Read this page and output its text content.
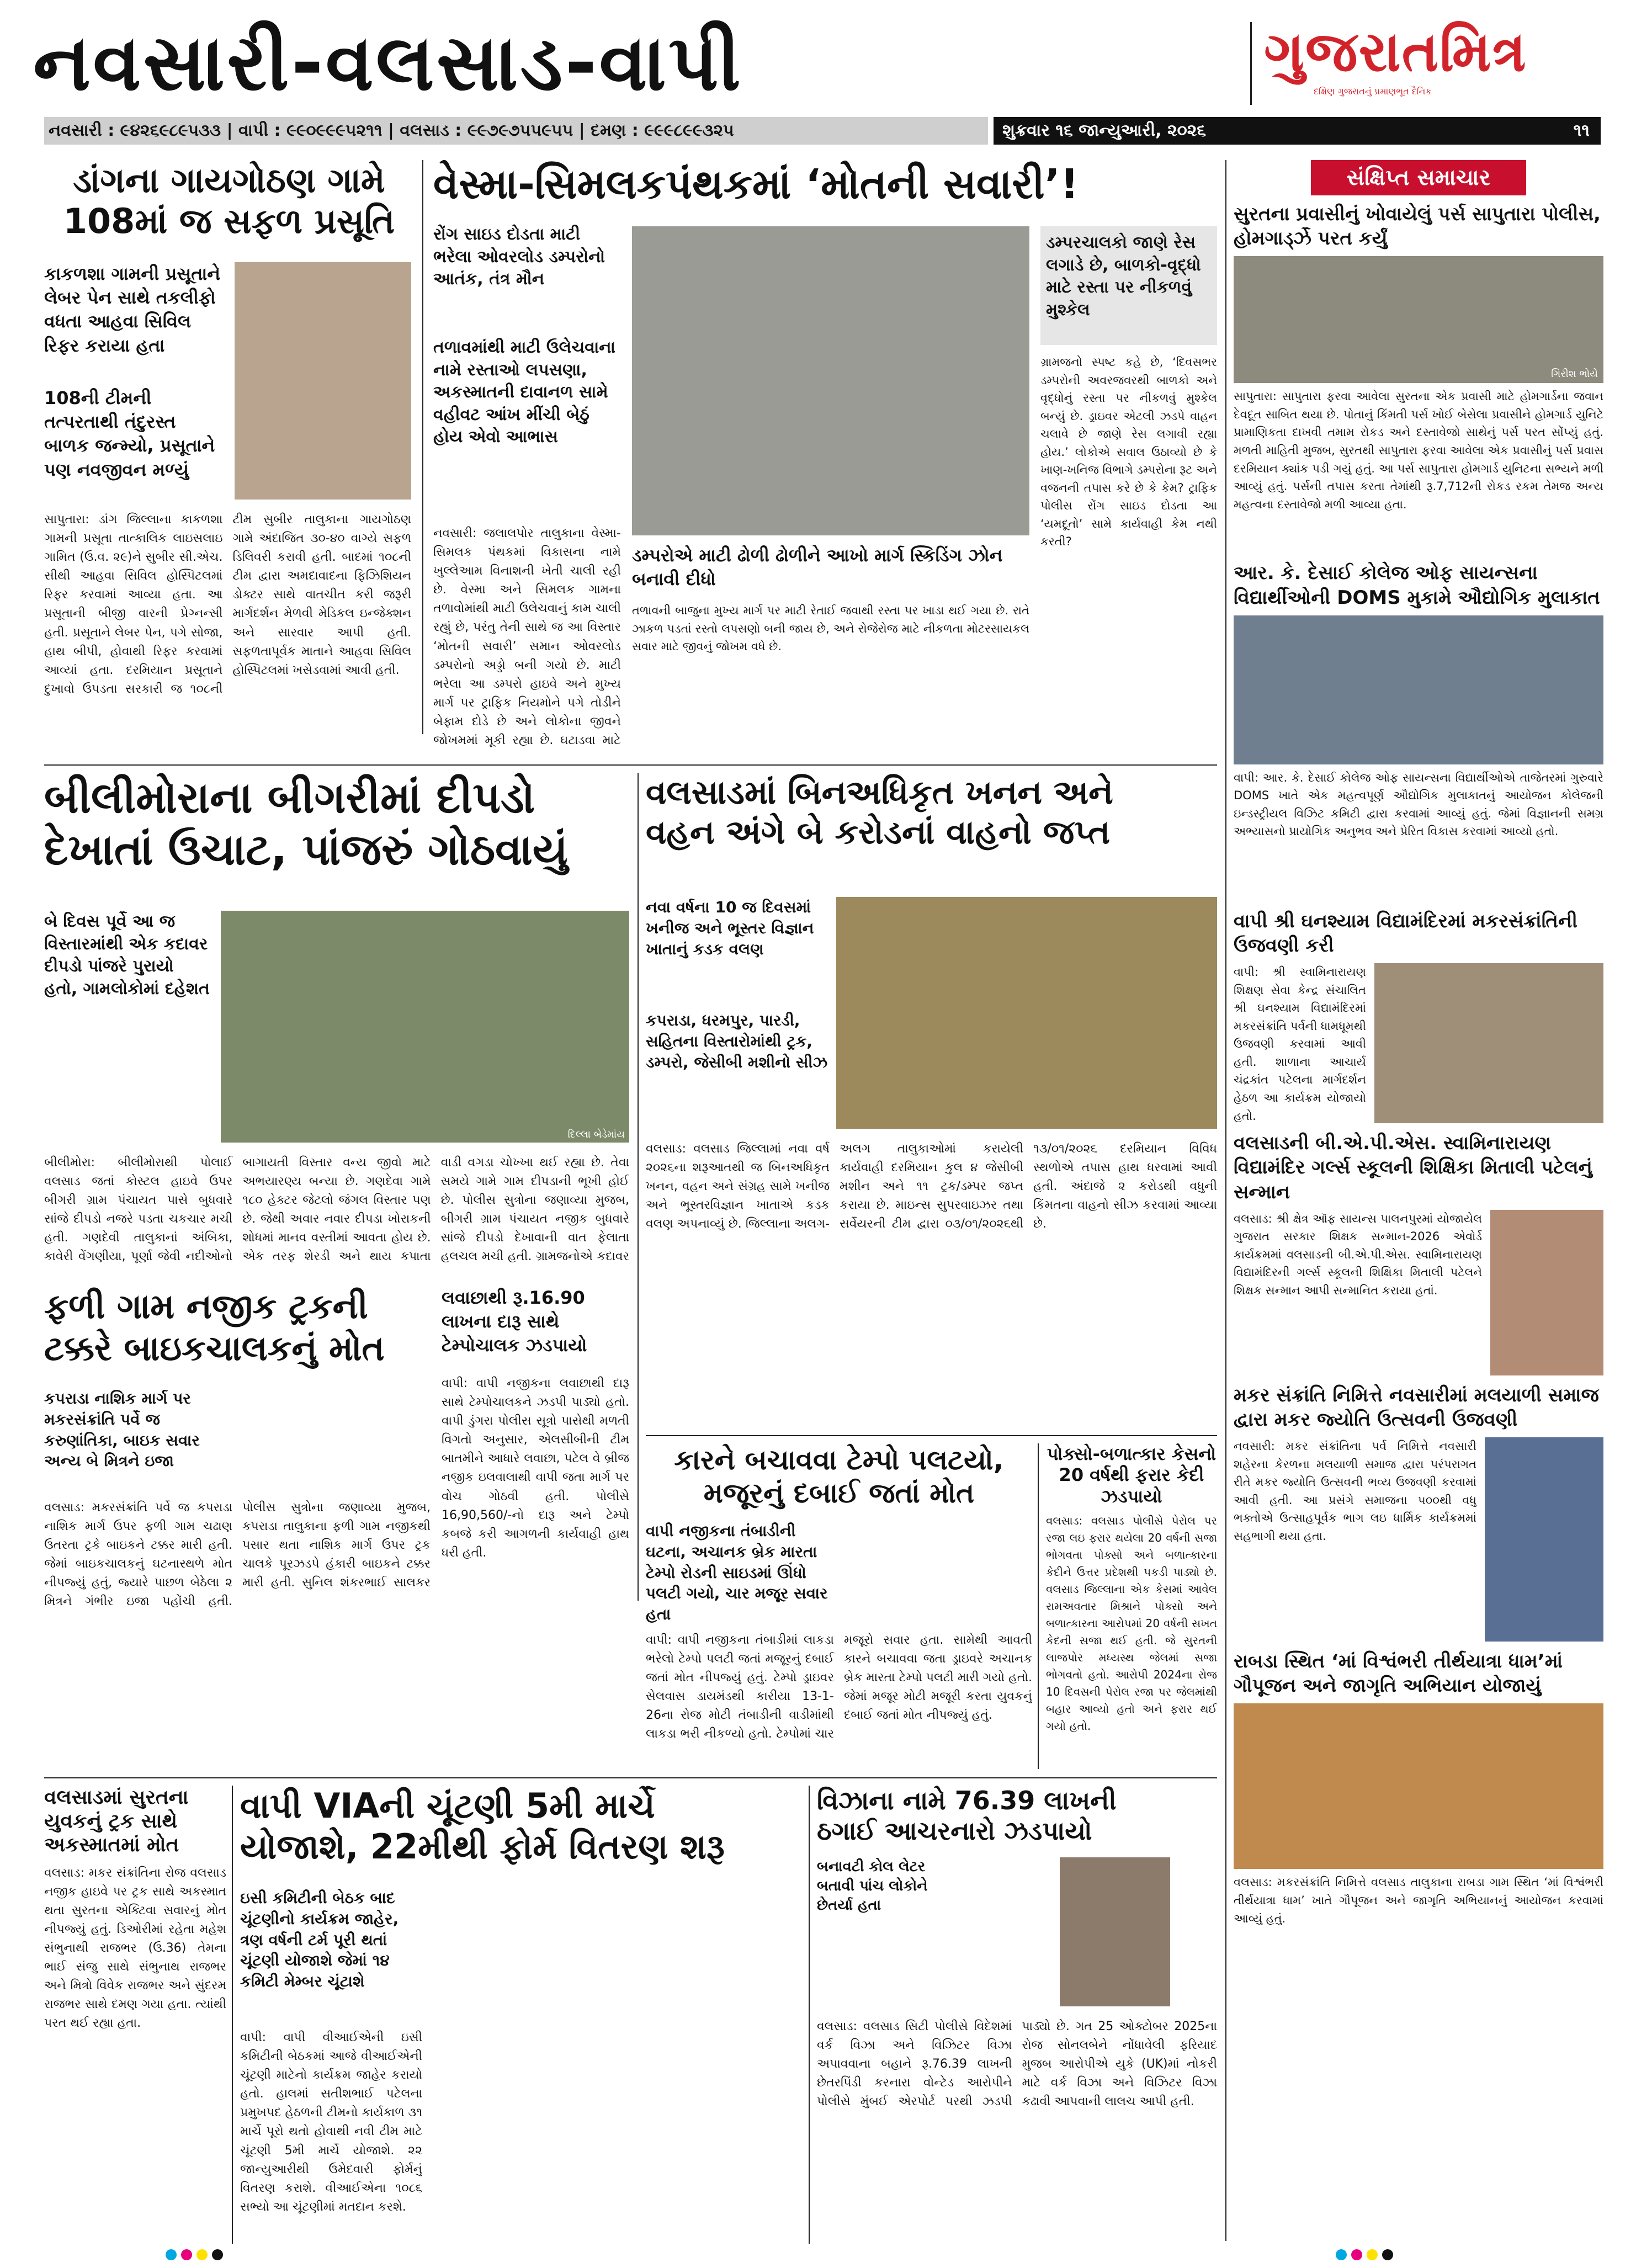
નવસારી-વલસાડ-વાપી	ગુજરાતમિત્ર
દક્ષિણ ગુજરાતનું પ્રમાણભૂત દૈનિક
નવસારી : ૯૪૨૬૯૮૯૫૩૩ | વાપી : ૯૯૦૯૯૯૫૨૧૧ | વલસાડ : ૯૯૭૯૭૫૫૯૫૫ | દમણ : ૯૯૯૮૯૯૩૨૫	શુક્રવાર ૧૬ જાન્યુઆરી, ૨૦૨૬	૧૧
ડાંગના ગાયગોઠણ ગામે
108માં જ સફળ પ્રસૂતિ
કાકળશા ગામની પ્રસૂતાને લેબર પેન સાથે તકલીફો વધતા આહવા સિવિલ રિફર કરાયા હતા
108ની ટીમની તત્પરતાથી તંદુરસ્ત બાળક જન્મ્યો, પ્રસૂતાને પણ નવજીવન મળ્યું
સાપુતારા: ડાંગ જિલ્લાના કાકળશા ગામની પ્રસૂતા તાત્કાલિક લાઇસલાઇ ગામિત (ઉ.વ. ૨૯)ને સુબીર સી.એચ. સીથી આહવા સિવિલ હોસ્પિટલમાં રિફર કરવામાં આવ્યા હતા. આ પ્રસૂતાની બીજી વારની પ્રેગ્નન્સી હતી. પ્રસૂતાને લેબર પેન, પગે સોજા, હાથ બીપી, હોવાથી રિફર કરવામાં આવ્યાં હતા. દરમિયાન પ્રસૂતાને દુખાવો ઉપડતા સરકારી જ ૧૦૮ની ટીમ સુબીર તાલુકાના ગાયગોઠણ ગામે અંદાજિત ૩૦-૪૦ વાગ્યે સફળ ડિલિવરી કરાવી હતી. બાદમાં ૧૦૮ની ટીમ દ્વારા અમદાવાદના ફિઝિશિયન ડોક્ટર સાથે વાતચીત કરી જરૂરી માર્ગદર્શન મેળવી મેડિકલ ઇન્જેક્શન અને સારવાર આપી હતી. સફળતાપૂર્વક માતાને આહવા સિવિલ હોસ્પિટલમાં ખસેડવામાં આવી હતી.
વેસ્મા-સિમલકપંથકમાં ‘મોતની સવારી’!
રોંગ સાઇડ દોડતા માટી ભરેલા ઓવરલોડ ડમ્પરોનો આતંક, તંત્ર મૌન
તળાવમાંથી માટી ઉલેચવાના નામે રસ્તાઓ લપસણા, અકસ્માતની દાવાનળ સામે વહીવટ આંખ મીંચી બેઠું હોય એવો આભાસ
ડમ્પરચાલકો જાણે રેસ લગાડે છે, બાળકો-વૃદ્ધો માટે રસ્તા પર નીકળવું મુશ્કેલ
ગ્રામજનો સ્પષ્ટ કહે છે, ‘દિવસભર ડમ્પરોની અવરજવરથી બાળકો અને વૃદ્ધોનું રસ્તા પર નીકળવું મુશ્કેલ બન્યું છે. ડ્રાઇવર એટલી ઝડપે વાહન ચલાવે છે જાણે રેસ લગાવી રહ્યા હોય.’ લોકોએ સવાલ ઉઠાવ્યો છે કે ખાણ-ખનિજ વિભાગે ડમ્પરોના રૂટ અને વજનની તપાસ કરે છે કે કેમ? ટ્રાફિક પોલીસ રોંગ સાઇડ દોડતા આ ‘યમદૂતો’ સામે કાર્યવાહી કેમ નથી કરતી?
ડમ્પરોએ માટી ઢોળી ઢોળીને આખો માર્ગ સ્કિડિંગ ઝોન બનાવી દીધો
તળાવની બાજુના મુખ્ય માર્ગ પર માટી રેતાઈ જવાથી રસ્તા પર ખાડા થઈ ગયા છે. રાતે ઝાકળ પડતાં રસ્તો લપસણો બની જાય છે, અને રોજેરોજ માટે નીકળતા મોટરસાયકલ સવાર માટે જીવનું જોખમ વધે છે.
નવસારી: જલાલપોર તાલુકાના વેસ્મા-સિમલક પંથકમાં વિકાસના નામે ખુલ્લેઆમ વિનાશની ખેતી ચાલી રહી છે. વેસ્મા અને સિમલક ગામના તળાવોમાંથી માટી ઉલેચવાનું કામ ચાલી રહ્યું છે, પરંતુ તેની સાથે જ આ વિસ્તાર ‘મોતની સવારી’ સમાન ઓવરલોડ ડમ્પરોનો અડ્ડો બની ગયો છે. માટી ભરેલા આ ડમ્પરો હાઇવે અને મુખ્ય માર્ગ પર ટ્રાફિક નિયમોને પગે તોડીને બેફામ દોડે છે અને લોકોના જીવને જોખમમાં મૂકી રહ્યા છે. ઘટાડવા માટે
સંક્ષિપ્ત સમાચાર
સુરતના પ્રવાસીનું ખોવાયેલું પર્સ સાપુતારા પોલીસ, હોમગાર્ડ્ઝે પરત કર્યું
ગિરીશ ભોયે
સાપુતારા: સાપુતારા ફરવા આવેલા સુરતના એક પ્રવાસી માટે હોમગાર્ડના જવાન દેવદૂત સાબિત થયા છે. પોતાનું કિંમતી પર્સ ખોઈ બેસેલા પ્રવાસીને હોમગાર્ડ યુનિટે પ્રામાણિકતા દાખવી તમામ રોકડ અને દસ્તાવેજો સાથેનું પર્સ પરત સોંપ્યું હતું. મળતી માહિતી મુજબ, સુરતથી સાપુતારા ફરવા આવેલા એક પ્રવાસીનું પર્સ પ્રવાસ દરમિયાન ક્યાંક પડી ગયું હતું. આ પર્સ સાપુતારા હોમગાર્ડ યુનિટના સભ્યને મળી આવ્યું હતું. પર્સની તપાસ કરતા તેમાંથી રૂ.7,712ની રોકડ રકમ તેમજ અન્ય મહત્વના દસ્તાવેજો મળી આવ્યા હતા.
આર. કે. દેસાઈ કોલેજ ઓફ સાયન્સના વિદ્યાર્થીઓની DOMS મુકામે ઔદ્યોગિક મુલાકાત
વાપી: આર. કે. દેસાઈ કોલેજ ઓફ સાયન્સના વિદ્યાર્થીઓએ તાજેતરમાં ગુરુવારે DOMS ખાતે એક મહત્વપૂર્ણ ઔદ્યોગિક મુલાકાતનું આયોજન કોલેજની ઇન્ડસ્ટ્રીયલ વિઝિટ કમિટી દ્વારા કરવામાં આવ્યું હતું. જેમાં વિજ્ઞાનની સમગ્ર અભ્યાસનો પ્રાયોગિક અનુભવ અને પ્રેરિત વિકાસ કરવામાં આવ્યો હતો.
વાપી શ્રી ઘનશ્યામ વિદ્યામંદિરમાં મકરસંક્રાંતિની ઉજવણી કરી
વાપી: શ્રી સ્વામિનારાયણ શિક્ષણ સેવા કેન્દ્ર સંચાલિત શ્રી ઘનશ્યામ વિદ્યામંદિરમાં મકરસંક્રાંતિ પર્વની ધામધૂમથી ઉજવણી કરવામાં આવી હતી. શાળાના આચાર્ય ચંદ્રકાંત પટેલના માર્ગદર્શન હેઠળ આ કાર્યક્રમ યોજાયો હતો.
વલસાડની બી.એ.પી.એસ. સ્વામિનારાયણ વિદ્યામંદિર ગર્લ્સ સ્કૂલની શિક્ષિકા મિતાલી પટેલનું સન્માન
વલસાડ: શ્રી ક્ષેત્ર ઑફ સાયન્સ પાલનપુરમાં યોજાયેલ ગુજરાત સરકાર શિક્ષક સન્માન-2026 એવોર્ડ કાર્યક્રમમાં વલસાડની બી.એ.પી.એસ. સ્વામિનારાયણ વિદ્યામંદિરની ગર્લ્સ સ્કૂલની શિક્ષિકા મિતાલી પટેલને શિક્ષક સન્માન આપી સન્માનિત કરાયા હતાં.
મકર સંક્રાંતિ નિમિત્તે નવસારીમાં મલયાળી સમાજ દ્વારા મકર જ્યોતિ ઉત્સવની ઉજવણી
નવસારી: મકર સંક્રાંતિના પર્વ નિમિત્તે નવસારી શહેરના કેરળના મલયાળી સમાજ દ્વારા પરંપરાગત રીતે મકર જ્યોતિ ઉત્સવની ભવ્ય ઉજવણી કરવામાં આવી હતી. આ પ્રસંગે સમાજના ૫૦૦થી વધુ ભક્તોએ ઉત્સાહપૂર્વક ભાગ લઇ ધાર્મિક કાર્યક્રમમાં સહભાગી થયા હતા.
રાબડા સ્થિત ‘માં વિશ્વંભરી તીર્થયાત્રા ધામ’માં ગૌપૂજન અને જાગૃતિ અભિયાન યોજાયું
વલસાડ: મકરસંક્રાંતિ નિમિત્તે વલસાડ તાલુકાના રાબડા ગામ સ્થિત ‘માં વિશ્વંભરી તીર્થયાત્રા ધામ’ ખાતે ગૌપૂજન અને જાગૃતિ અભિયાનનું આયોજન કરવામાં આવ્યું હતું.
બીલીમોરાના બીગરીમાં દીપડો
દેખાતાં ઉચાટ, પાંજરું ગોઠવાયું
બે દિવસ પૂર્વે આ જ વિસ્તારમાંથી એક કદાવર દીપડો પાંજરે પુરાયો હતો, ગામલોકોમાં દહેશત
દિલ્લા બેડેમાંય
બીલીમોરા: બીલીમોરાથી પોલાઈ વલસાડ જતાં કોસ્ટલ હાઇવે ઉપર બીગરી ગ્રામ પંચાયત પાસે બુધવારે સાંજે દીપડો નજરે પડતા ચકચાર મચી હતી. ગણદેવી તાલુકાનાં અંબિકા, કાવેરી વેંગણીયા, પૂર્ણા જેવી નદીઓનો બાગાયતી વિસ્તાર વન્ય જીવો માટે અભયારણ્ય બન્યા છે. ગણદેવા ગામે ૧૮૦ હેક્ટર જેટલો જંગલ વિસ્તાર પણ છે. જેથી અવાર નવાર દીપડા ખોરાકની શોધમાં માનવ વસ્તીમાં આવતા હોય છે. એક તરફ શેરડી અને થાય કપાતા વાડી વગડા ચોખ્ખા થઈ રહ્યા છે. તેવા સમયે ગામે ગામ દીપડાની ભૂખી હોઈ છે. પોલીસ સુત્રોના જણાવ્યા મુજબ, બીગરી ગ્રામ પંચાયત નજીક બુધવારે સાંજે દીપડો દેખાવાની વાત ફેલાતા હલચલ મચી હતી. ગ્રામજનોએ કદાવર
વલસાડમાં બિનઅધિકૃત ખનન અને
વહન અંગે બે કરોડનાં વાહનો જપ્ત
નવા વર્ષના 10 જ દિવસમાં ખનીજ અને ભૂસ્તર વિજ્ઞાન ખાતાનું કડક વલણ
કપરાડા, ધરમપુર, પારડી, સહિતના વિસ્તારોમાંથી ટ્રક, ડમ્પરો, જેસીબી મશીનો સીઝ
વલસાડ: વલસાડ જિલ્લામાં નવા વર્ષ ૨૦૨૬ના શરૂઆતથી જ બિનઅધિકૃત ખનન, વહન અને સંગ્રહ સામે ખનીજ અને ભૂસ્તરવિજ્ઞાન ખાતાએ કડક વલણ અપનાવ્યું છે. જિલ્લાના અલગ-અલગ તાલુકાઓમાં કરાયેલી કાર્યવાહી દરમિયાન કુલ ૪ જેસીબી મશીન અને ૧૧ ટ્રક/ડમ્પર જપ્ત કરાયા છે. માઇન્સ સુપરવાઇઝર તથા સર્વેયરની ટીમ દ્વારા ૦૩/૦૧/૨૦૨૬થી ૧૩/૦૧/૨૦૨૬ દરમિયાન વિવિધ સ્થળોએ તપાસ હાથ ધરવામાં આવી હતી. અંદાજે ૨ કરોડથી વધુની કિંમતના વાહનો સીઝ કરવામાં આવ્યા છે.
ફળી ગામ નજીક ટ્રકની
ટક્કરે બાઇકચાલકનું મોત
કપરાડા નાશિક માર્ગ પર મકરસંક્રાંતિ પર્વે જ કરુણાંતિકા, બાઇક સવાર અન્ય બે મિત્રને ઇજા
વલસાડ: મકરસંક્રાંતિ પર્વે જ કપરાડા નાશિક માર્ગ ઉપર ફળી ગામ ચઢાણ ઉતરતા ટ્રકે બાઇકને ટક્કર મારી હતી. જેમાં બાઇકચાલકનું ઘટનાસ્થળે મોત નીપજ્યું હતું, જ્યારે પાછળ બેઠેલા ૨ મિત્રને ગંભીર ઇજા પહોંચી હતી. પોલીસ સુત્રોના જણાવ્યા મુજબ, કપરાડા તાલુકાના ફળી ગામ નજીકથી પસાર થતા નાશિક માર્ગ ઉપર ટ્રક ચાલકે પૂરઝડપે હંકારી બાઇકને ટક્કર મારી હતી. સુનિલ શંકરભાઈ સાલકર
લવાછાથી રૂ.16.90 લાખના દારૂ સાથે ટેમ્પોચાલક ઝડપાયો
વાપી: વાપી નજીકના લવાછાથી દારૂ સાથે ટેમ્પોચાલકને ઝડપી પાડ્યો હતો. વાપી ડુંગરા પોલીસ સૂત્રો પાસેથી મળતી વિગતો અનુસાર, એલસીબીની ટીમ બાતમીને આધારે લવાછા, પટેલ વે બ્રીજ નજીક ઇલવાલાથી વાપી જતા માર્ગ પર વોચ ગોઠવી હતી. પોલીસે 16,90,560/-નો દારૂ અને ટેમ્પો કબજે કરી આગળની કાર્યવાહી હાથ ધરી હતી.
કારને બચાવવા ટેમ્પો પલટયો,
મજૂરનું દબાઈ જતાં મોત
વાપી નજીકના તંબાડીની ઘટના, અચાનક બ્રેક મારતા ટેમ્પો રોડની સાઇડમાં ઊંધો પલટી ગયો, ચાર મજૂર સવાર હતા
વાપી: વાપી નજીકના તંબાડીમાં લાકડા ભરેલો ટેમ્પો પલટી જતાં મજૂરનું દબાઈ જતાં મોત નીપજ્યું હતું. ટેમ્પો ડ્રાઇવર સેલવાસ ડાયમંડથી કારીયા 13-1-26ના રોજ મોટી તંબાડીની વાડીમાંથી લાકડા ભરી નીકળ્યો હતો. ટેમ્પોમાં ચાર મજૂરો સવાર હતા. સામેથી આવતી કારને બચાવવા જતા ડ્રાઇવરે અચાનક બ્રેક મારતા ટેમ્પો પલટી મારી ગયો હતો. જેમાં મજૂર મોટી મજૂરી કરતા યુવકનું દબાઈ જતાં મોત નીપજ્યું હતું.
પોક્સો-બળાત્કાર કેસનો 20 વર્ષથી ફરાર કેદી ઝડપાયો
વલસાડ: વલસાડ પોલીસે પેરોલ પર રજા લઇ ફરાર થયેલા 20 વર્ષની સજા ભોગવતા પોક્સો અને બળાત્કારના કેદીને ઉત્તર પ્રદેશથી પકડી પાડ્યો છે. વલસાડ જિલ્લાના એક કેસમાં આવેલ રામઅવતાર મિશ્રાને પોક્સો અને બળાત્કારના આરોપમાં 20 વર્ષની સખત કેદની સજા થઈ હતી. જે સુરતની લાજપોર મધ્યસ્થ જેલમાં સજા ભોગવતો હતો. આરોપી 2024ના રોજ 10 દિવસની પેરોલ રજા પર જેલમાંથી બહાર આવ્યો હતો અને ફરાર થઈ ગયો હતો.
વલસાડમાં સુરતના
યુવકનું ટ્રક સાથે
અકસ્માતમાં મોત
વલસાડ: મકર સંક્રાંતિના રોજ વલસાડ નજીક હાઇવે પર ટ્રક સાથે અકસ્માત થતા સુરતના એક્ટિવા સવારનું મોત નીપજ્યું હતું. ડિઓરીમાં રહેતા મહેશ સંભુનાથી રાજભર (ઉ.36) તેમના ભાઈ સંજુ સાથે સંભુનાથ રાજભર અને મિત્રો વિવેક રાજભર અને સુંદરમ રાજભર સાથે દમણ ગયા હતા. ત્યાંથી પરત થઈ રહ્યા હતા.
વાપી VIAની ચૂંટણી 5મી માર્ચે
યોજાશે, 22મીથી ફોર્મ વિતરણ શરૂ
ઇસી કમિટીની બેઠક બાદ ચૂંટણીનો કાર્યક્રમ જાહેર, ત્રણ વર્ષની ટર્મ પૂરી થતાં ચૂંટણી યોજાશે જેમાં ૧૪ કમિટી મેમ્બર ચૂંટાશે
વાપી: વાપી વીઆઈએની ઇસી કમિટીની બેઠકમાં આજે વીઆઈએની ચૂંટણી માટેનો કાર્યક્રમ જાહેર કરાયો હતો. હાલમાં સતીશભાઈ પટેલના પ્રમુખપદ હેઠળની ટીમનો કાર્યકાળ ૩૧ માર્ચે પૂરો થતો હોવાથી નવી ટીમ માટે ચૂંટણી 5મી માર્ચે યોજાશે. ૨૨ જાન્યુઆરીથી ઉમેદવારી ફોર્મનું વિતરણ કરાશે. વીઆઈએના ૧૦૮૬ સભ્યો આ ચૂંટણીમાં મતદાન કરશે.
વિઝાના નામે 76.39 લાખની
ઠગાઈ આચરનારો ઝડપાયો
બનાવટી કોલ લેટર બતાવી પાંચ લોકોને છેતર્યા હતા
વલસાડ: વલસાડ સિટી પોલીસે વિદેશમાં વર્ક વિઝા અને વિઝિટર વિઝા અપાવવાના બહાને રૂ.76.39 લાખની છેતરપિંડી કરનારા વોન્ટેડ આરોપીને પોલીસે મુંબઈ એરપોર્ટ પરથી ઝડપી પાડ્યો છે. ગત 25 ઓક્ટોબર 2025ના રોજ સોનલબેને નોંધાવેલી ફરિયાદ મુજબ આરોપીએ યુકે (UK)માં નોકરી માટે વર્ક વિઝા અને વિઝિટર વિઝા કઢાવી આપવાની લાલચ આપી હતી.
